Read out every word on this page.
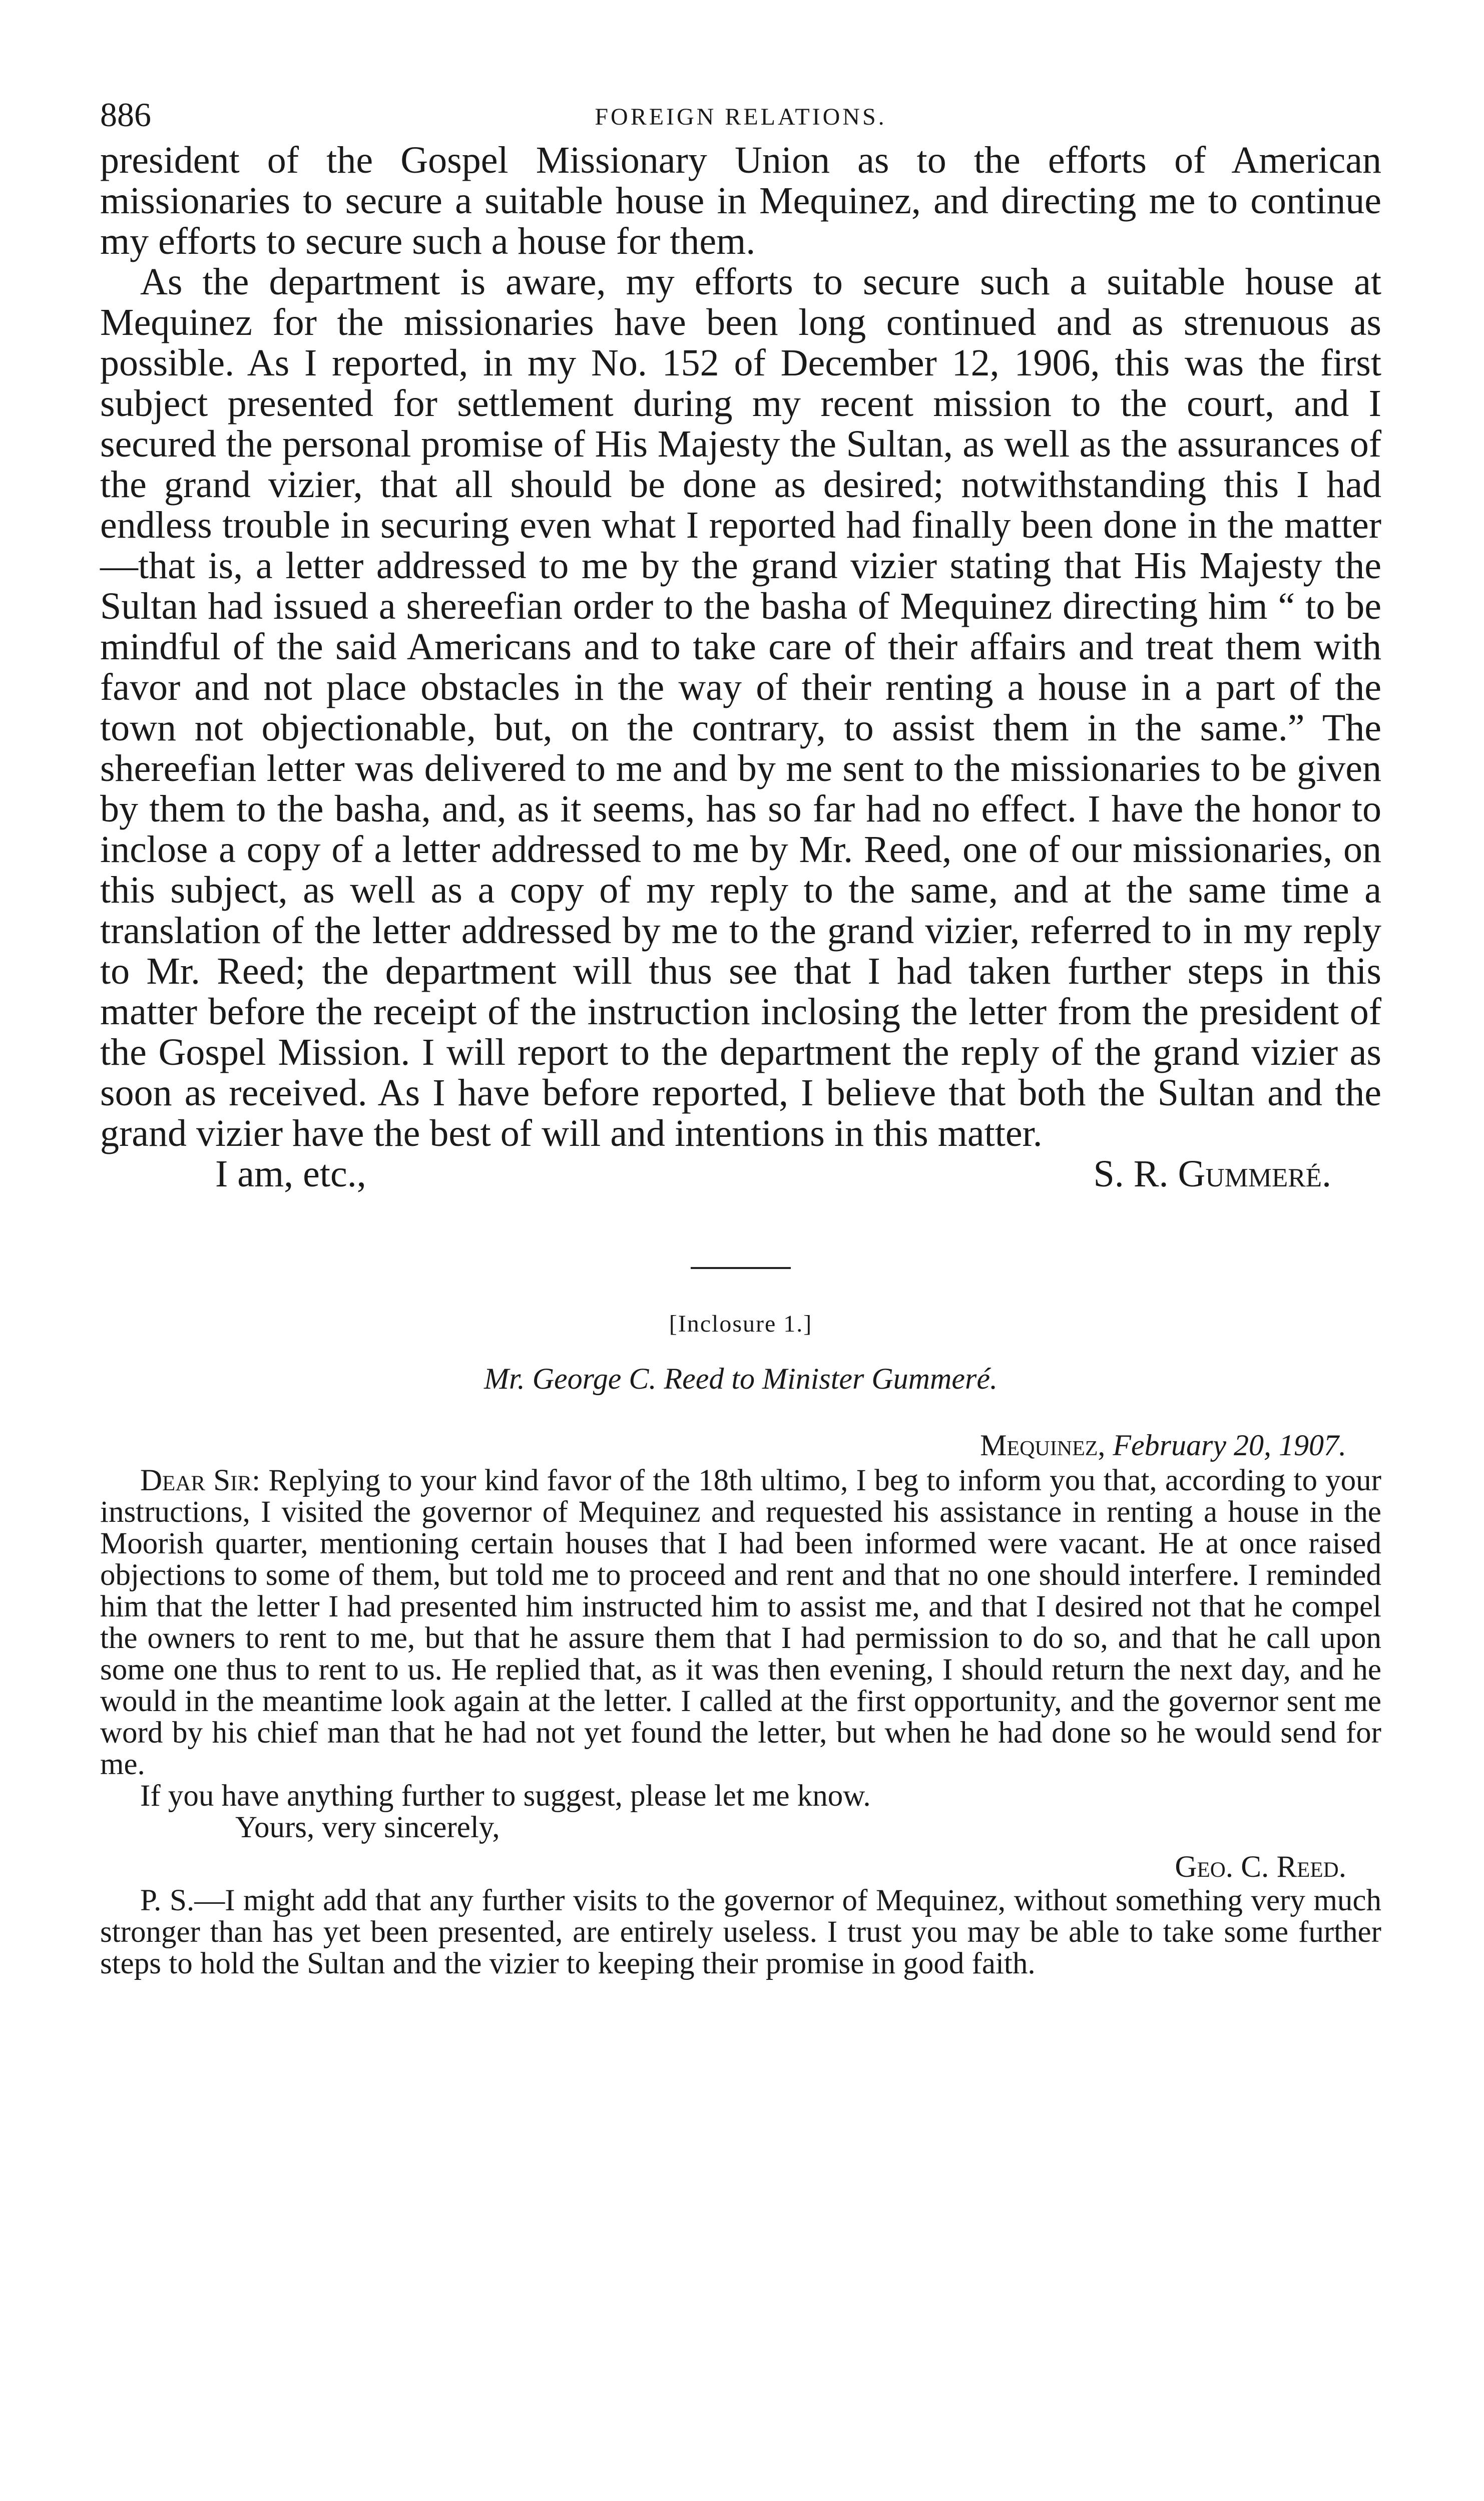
886	FOREIGN RELATIONS.

president of the Gospel Missionary Union as to the efforts of American missionaries to secure a suitable house in Mequinez, and directing me to continue my efforts to secure such a house for them.

As the department is aware, my efforts to secure such a suitable house at Mequinez for the missionaries have been long continued and as strenuous as possible. As I reported, in my No. 152 of December 12, 1906, this was the first subject presented for settlement during my recent mission to the court, and I secured the personal promise of His Majesty the Sultan, as well as the assurances of the grand vizier, that all should be done as desired; notwithstanding this I had endless trouble in securing even what I reported had finally been done in the matter—that is, a letter addressed to me by the grand vizier stating that His Majesty the Sultan had issued a shereefian order to the basha of Mequinez directing him “ to be mindful of the said Americans and to take care of their affairs and treat them with favor and not place obstacles in the way of their renting a house in a part of the town not objectionable, but, on the contrary, to assist them in the same.” The shereefian letter was delivered to me and by me sent to the missionaries to be given by them to the basha, and, as it seems, has so far had no effect. I have the honor to inclose a copy of a letter addressed to me by Mr. Reed, one of our missionaries, on this subject, as well as a copy of my reply to the same, and at the same time a translation of the letter addressed by me to the grand vizier, referred to in my reply to Mr. Reed; the department will thus see that I had taken further steps in this matter before the receipt of the instruction inclosing the letter from the president of the Gospel Mission. I will report to the department the reply of the grand vizier as soon as received. As I have before reported, I believe that both the Sultan and the grand vizier have the best of will and intentions in this matter.

I am, etc.,	S. R. Gummeré.
[Inclosure 1.]
Mr. George C. Reed to Minister Gummeré.
Mequinez, February 20, 1907.

Dear Sir: Replying to your kind favor of the 18th ultimo, I beg to inform you that, according to your instructions, I visited the governor of Mequinez and requested his assistance in renting a house in the Moorish quarter, mentioning certain houses that I had been informed were vacant. He at once raised objections to some of them, but told me to proceed and rent and that no one should interfere. I reminded him that the letter I had presented him instructed him to assist me, and that I desired not that he compel the owners to rent to me, but that he assure them that I had permission to do so, and that he call upon some one thus to rent to us. He replied that, as it was then evening, I should return the next day, and he would in the meantime look again at the letter. I called at the first opportunity, and the governor sent me word by his chief man that he had not yet found the letter, but when he had done so he would send for me.

If you have anything further to suggest, please let me know.

Yours, very sincerely,
Geo. C. Reed.

P. S.—I might add that any further visits to the governor of Mequinez, without something very much stronger than has yet been presented, are entirely useless. I trust you may be able to take some further steps to hold the Sultan and the vizier to keeping their promise in good faith.
